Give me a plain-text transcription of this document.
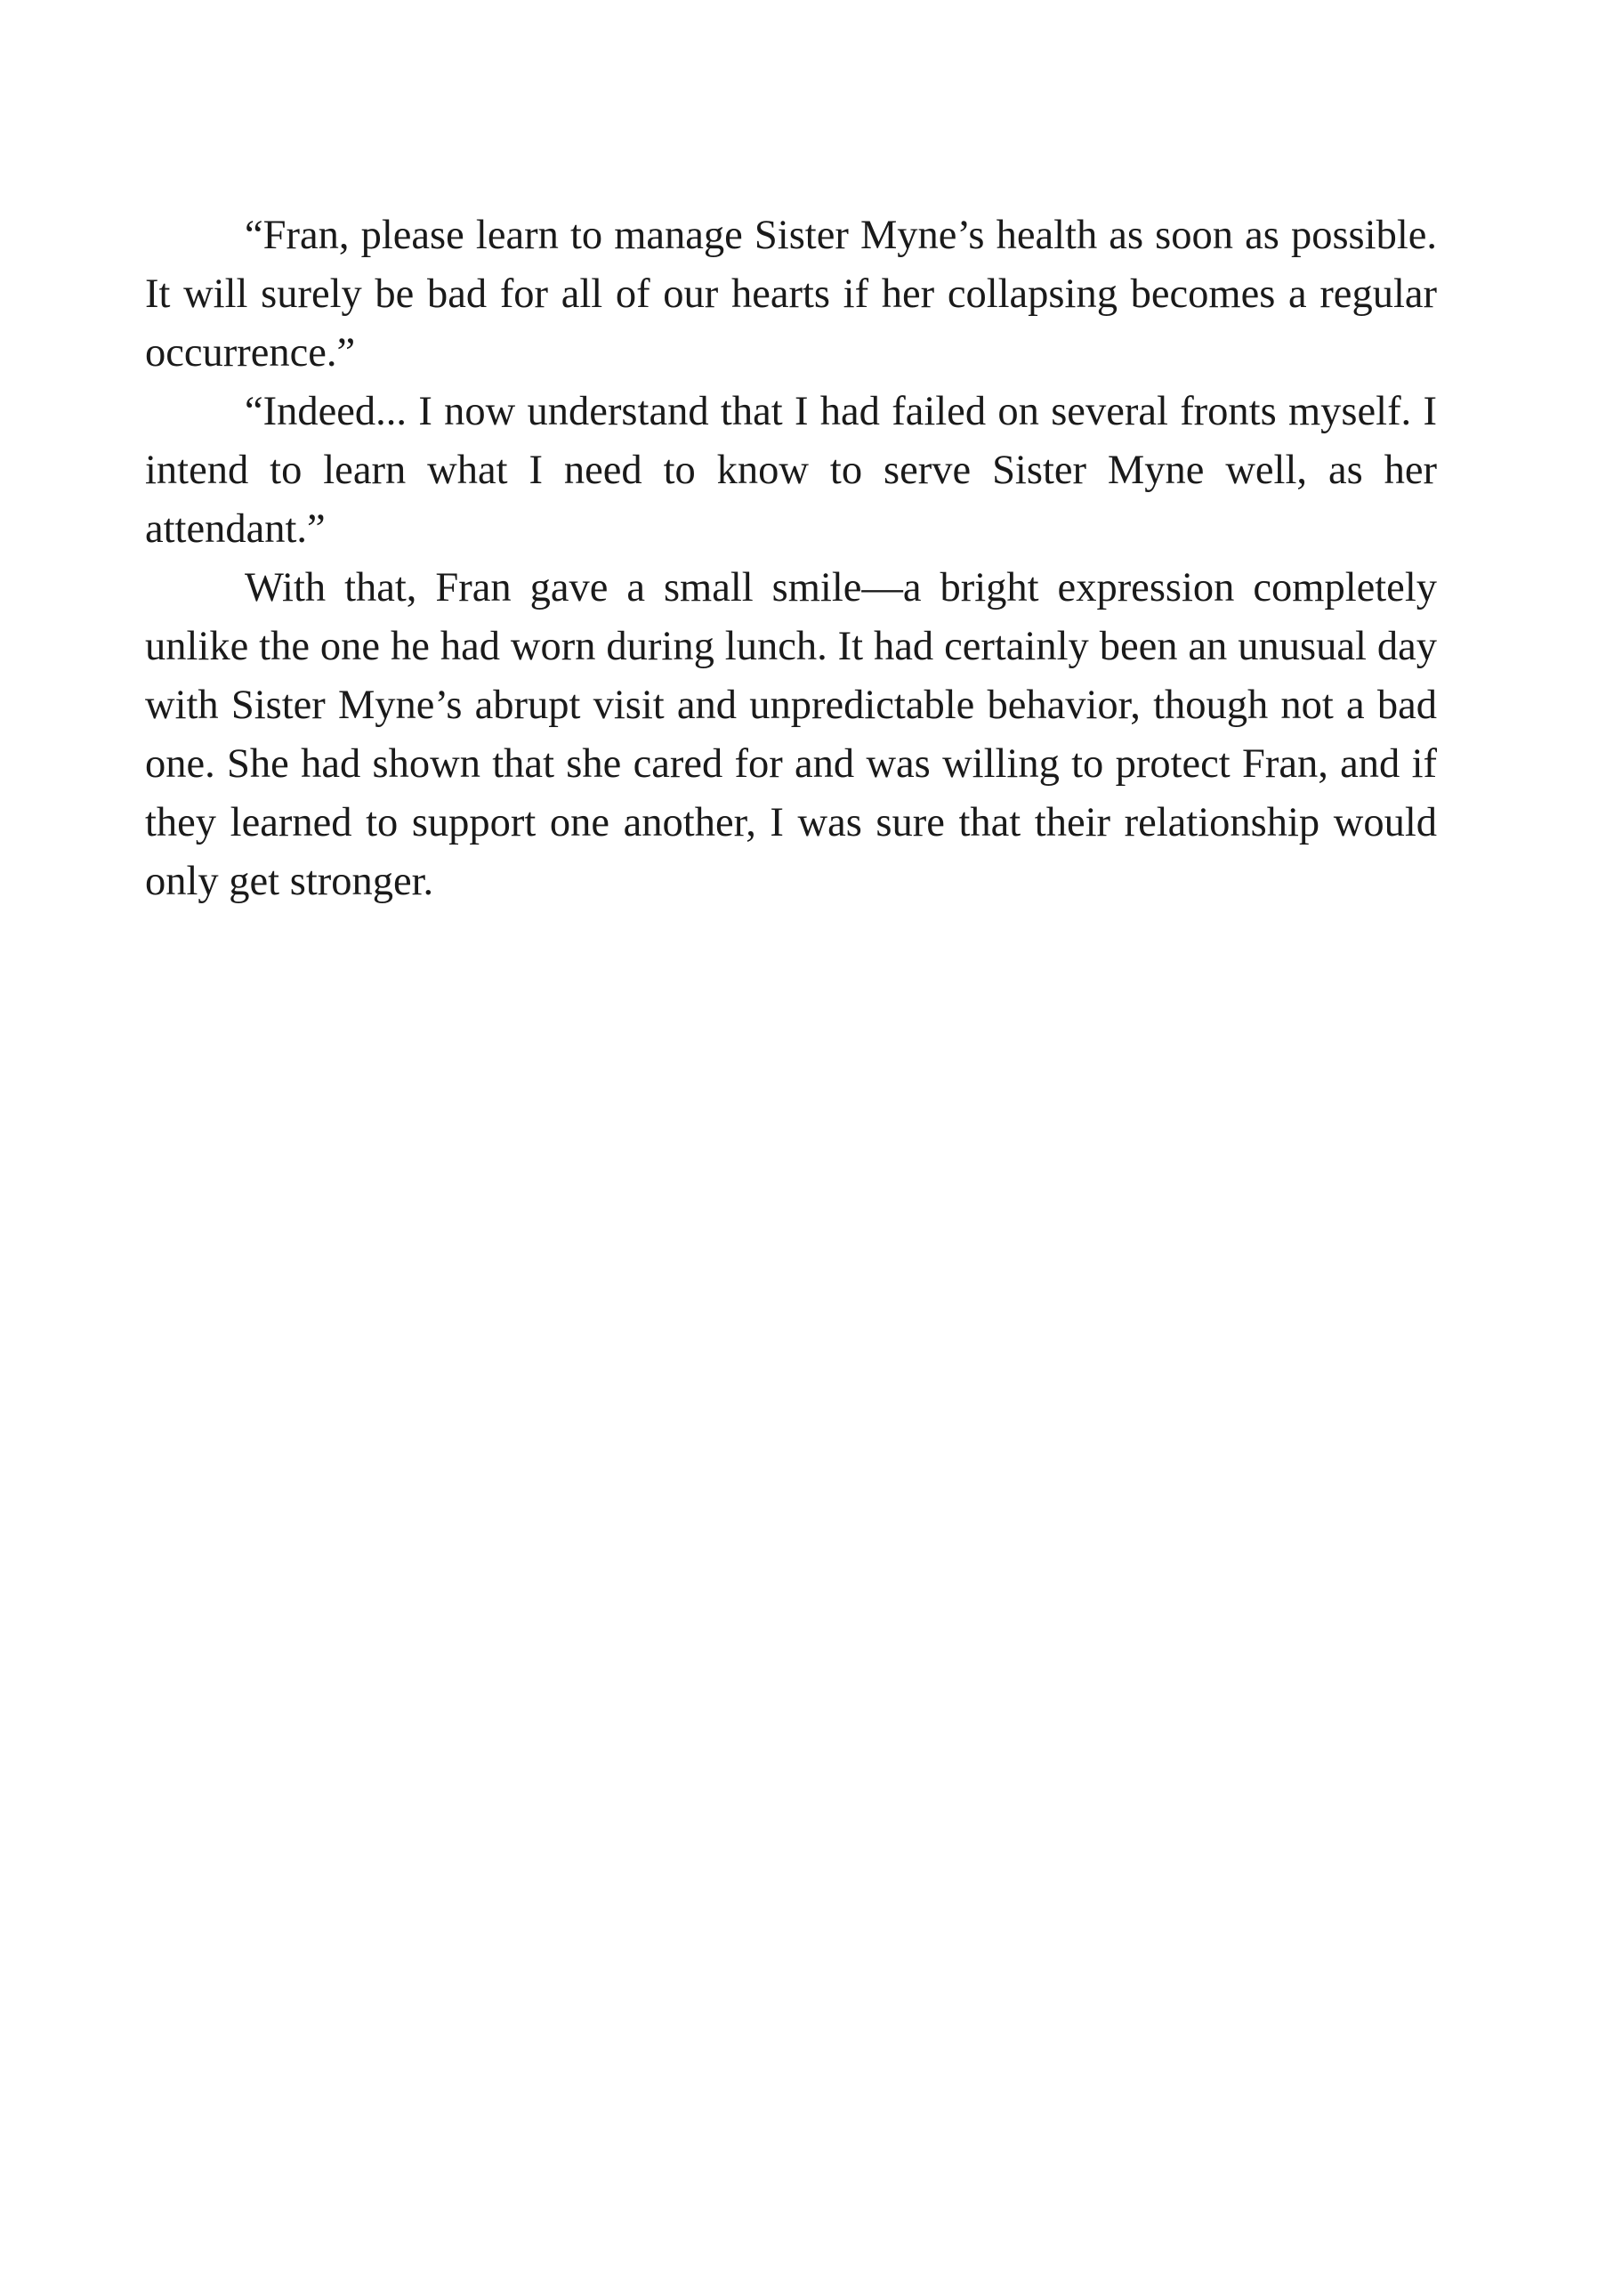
“Fran, please learn to manage Sister Myne’s health as soon as possible. It will surely be bad for all of our hearts if her collapsing becomes a regular occurrence.”

“Indeed... I now understand that I had failed on several fronts myself. I intend to learn what I need to know to serve Sister Myne well, as her attendant.”

With that, Fran gave a small smile—a bright expression completely unlike the one he had worn during lunch. It had certainly been an unusual day with Sister Myne’s abrupt visit and unpredictable behavior, though not a bad one. She had shown that she cared for and was willing to protect Fran, and if they learned to support one another, I was sure that their relationship would only get stronger.
